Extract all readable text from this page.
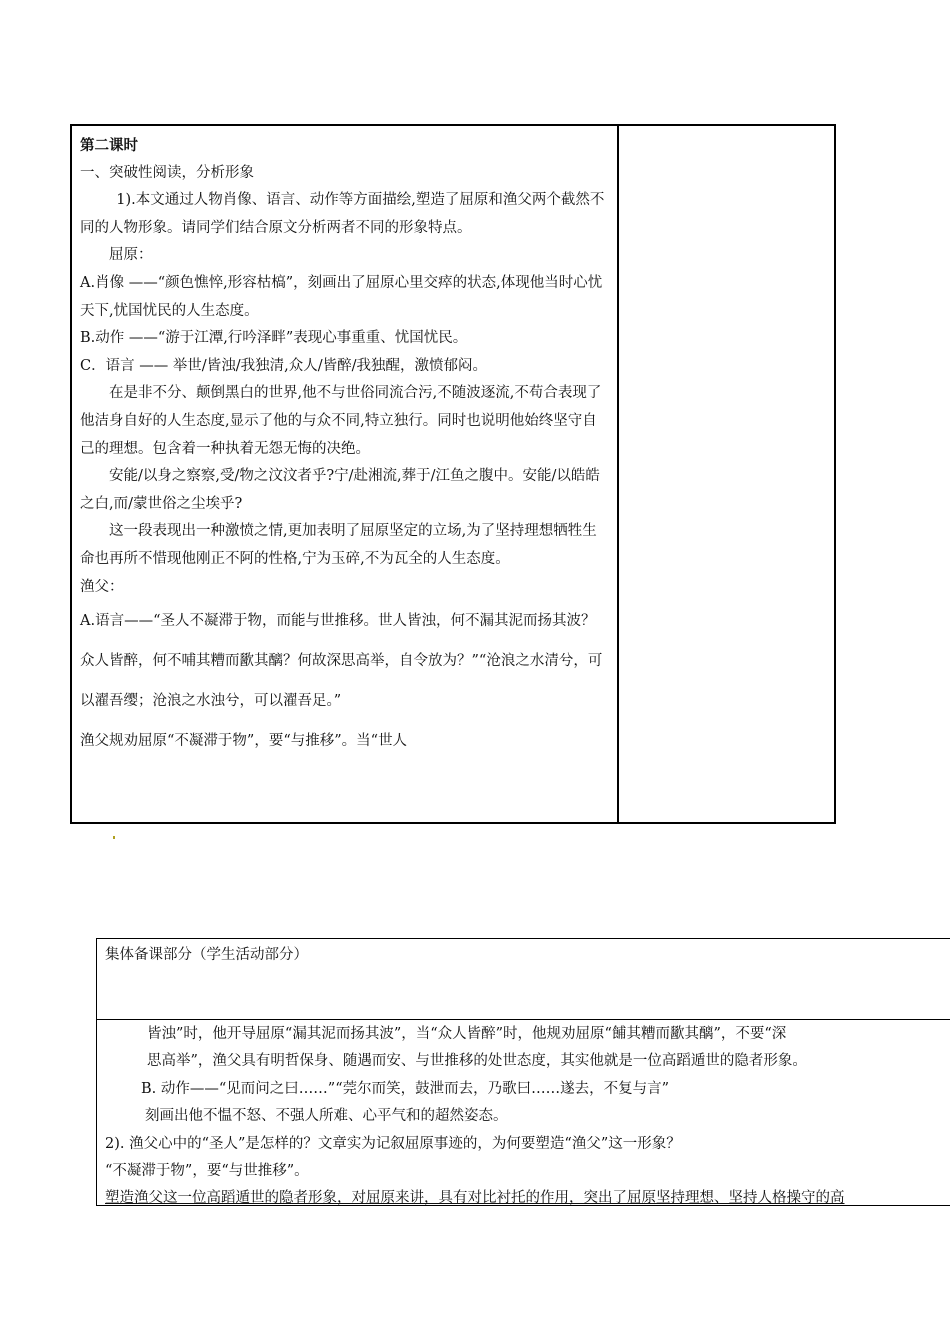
第二课时

一、突破性阅读，分析形象

1).本文通过人物肖像、语言、动作等方面描绘,塑造了屈原和渔父两个截然不同的人物形象。请同学们结合原文分析两者不同的形象特点。

屈原：

A.肖像 ——“颜色憔悴,形容枯槁”，刻画出了屈原心里交瘁的状态,体现他当时心忧天下,忧国忧民的人生态度。

B.动作 ——“游于江潭,行吟泽畔”表现心事重重、忧国忧民。

C．语言 —— 举世/皆浊/我独清,众人/皆醉/我独醒，激愤郁闷。

在是非不分、颠倒黑白的世界,他不与世俗同流合污,不随波逐流,不苟合表现了他洁身自好的人生态度,显示了他的与众不同,特立独行。同时也说明他始终坚守自己的理想。包含着一种执着无怨无悔的决绝。

安能/以身之察察,受/物之汶汶者乎?宁/赴湘流,葬于/江鱼之腹中。安能/以皓皓之白,而/蒙世俗之尘埃乎?

这一段表现出一种激愤之情,更加表明了屈原坚定的立场,为了坚持理想牺牲生命也再所不惜现他刚正不阿的性格,宁为玉碎,不为瓦全的人生态度。

渔父：

A.语言——“圣人不凝滞于物，而能与世推移。世人皆浊，何不漏其泥而扬其波？众人皆醉，何不哺其糟而歠其醨？何故深思高举，自令放为？”“沧浪之水清兮，可以濯吾缨；沧浪之水浊兮，可以濯吾足。”

渔父规劝屈原“不凝滞于物”，要“与推移”。当“世人

集体备课部分（学生活动部分）

皆浊”时，他开导屈原“漏其泥而扬其波”，当“众人皆醉”时，他规劝屈原“餔其糟而歠其醨”，不要“深

思高举”，渔父具有明哲保身、随遇而安、与世推移的处世态度，其实他就是一位高蹈遁世的隐者形象。

B. 动作——“见而问之曰……”“莞尔而笑，鼓泄而去，乃歌曰……遂去，不复与言”

刻画出他不愠不怒、不强人所难、心平气和的超然姿态。

2). 渔父心中的“圣人”是怎样的？文章实为记叙屈原事迹的，为何要塑造“渔父”这一形象？

“不凝滞于物”，要“与世推移”。

塑造渔父这一位高蹈遁世的隐者形象，对屈原来讲，具有对比衬托的作用，突出了屈原坚持理想、坚持人格操守的高
